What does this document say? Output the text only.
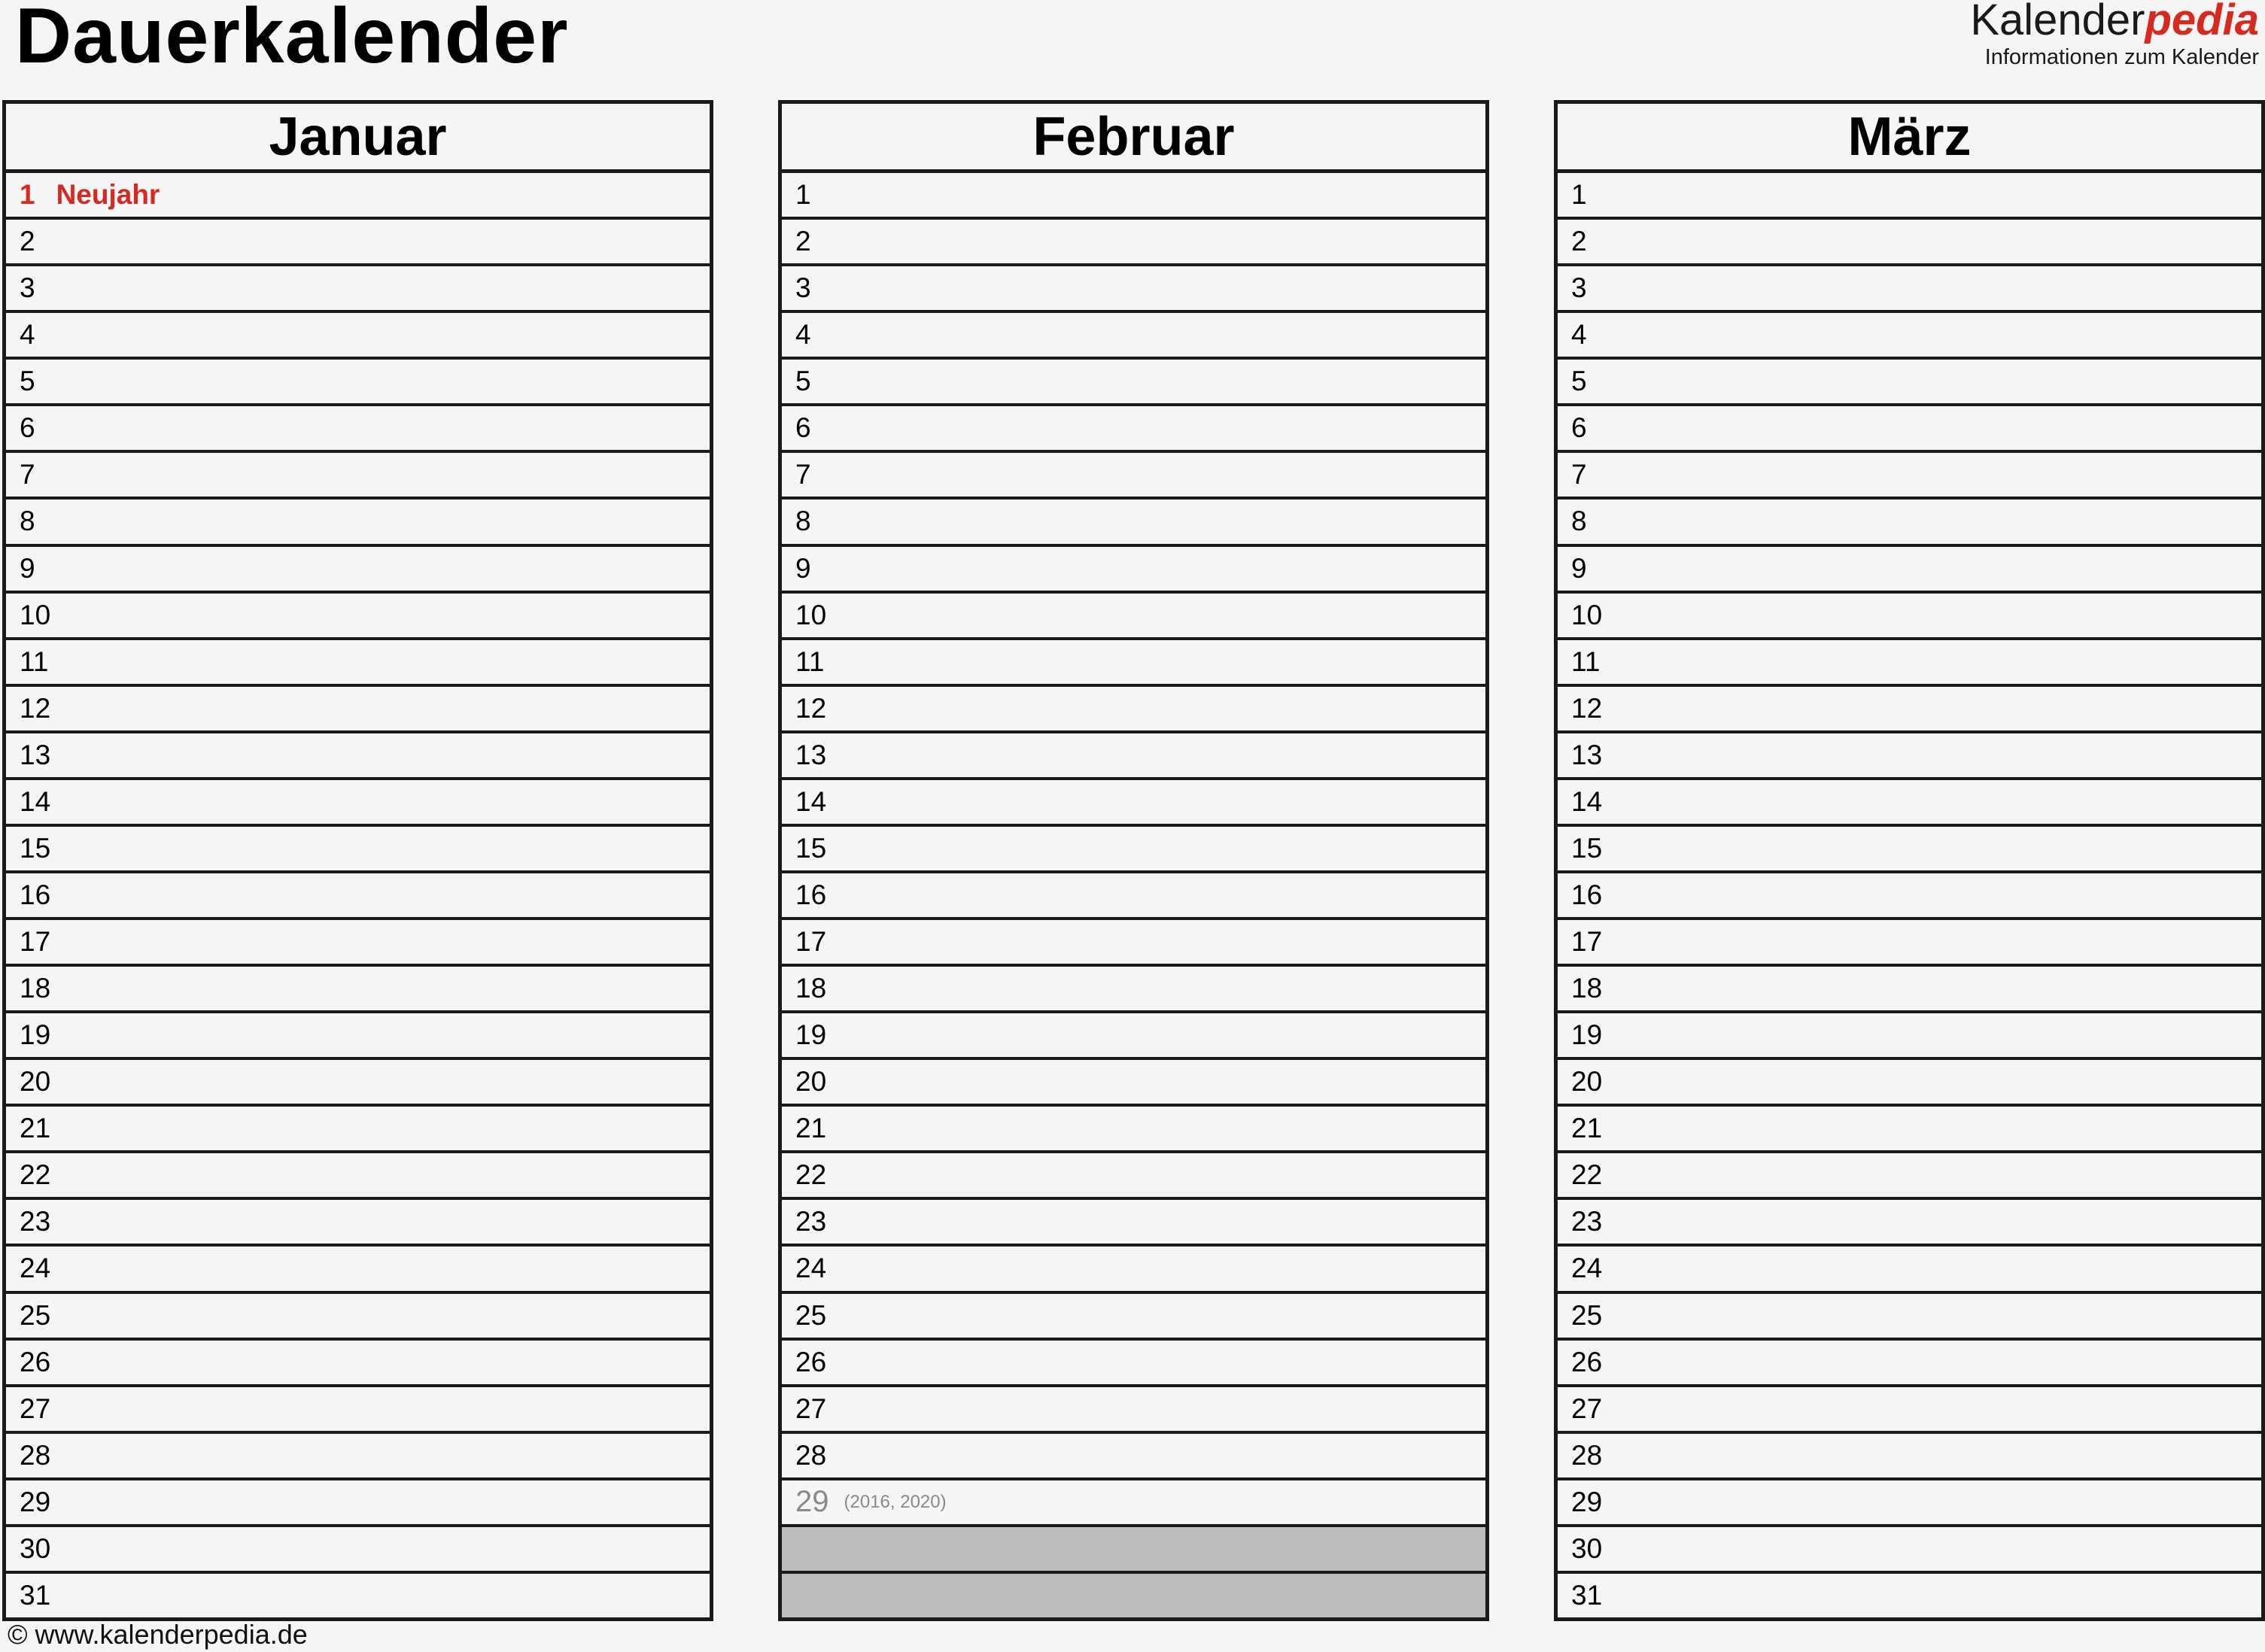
Dauerkalender	Kalenderpedia
Informationen zum Kalender
Januar
1 Neujahr
2
3
4
5
6
7
8
9
10
11
12
13
14
15
16
17
18
19
20
21
22
23
24
25
26
27
28
29
30
31
Februar
1
2
3
4
5
6
7
8
9
10
11
12
13
14
15
16
17
18
19
20
21
22
23
24
25
26
27
28
29 (2016, 2020)
März
1
2
3
4
5
6
7
8
9
10
11
12
13
14
15
16
17
18
19
20
21
22
23
24
25
26
27
28
29
30
31
© www.kalenderpedia.de
